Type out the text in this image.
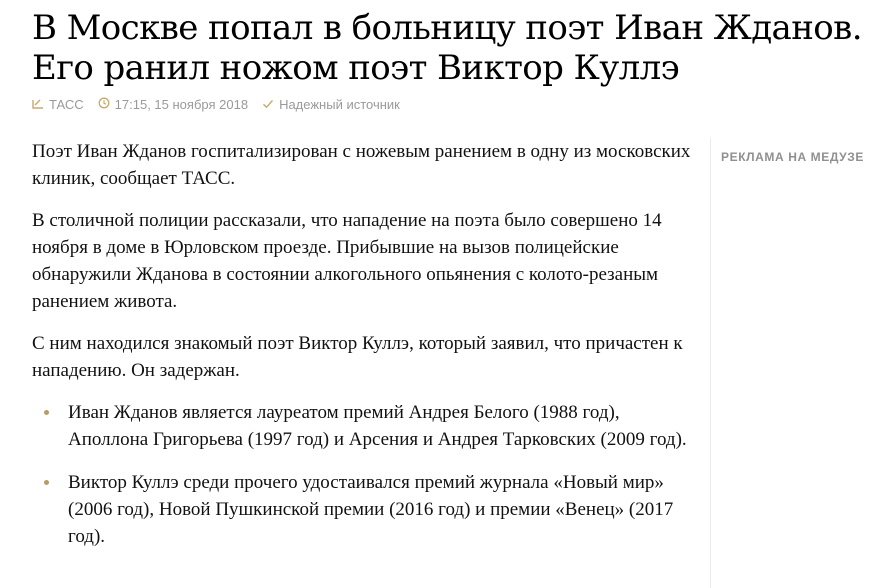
В Москве попал в больницу поэт Иван Жданов. Его ранил ножом поэт Виктор Куллэ
ТАСС 17:15, 15 ноября 2018 Надежный источник

Поэт Иван Жданов госпитализирован с ножевым ранением в одну из московских клиник, сообщает ТАСС.

В столичной полиции рассказали, что нападение на поэта было совершено 14 ноября в доме в Юрловском проезде. Прибывшие на вызов полицейские обнаружили Жданова в состоянии алкогольного опьянения с колото-резаным ранением живота.

С ним находился знакомый поэт Виктор Куллэ, который заявил, что причастен к нападению. Он задержан.

Иван Жданов является лауреатом премий Андрея Белого (1988 год), Аполлона Григорьева (1997 год) и Арсения и Андрея Тарковских (2009 год).
Виктор Куллэ среди прочего удостаивался премий журнала «Новый мир» (2006 год), Новой Пушкинской премии (2016 год) и премии «Венец» (2017 год).
РЕКЛАМА НА МЕДУЗЕ
